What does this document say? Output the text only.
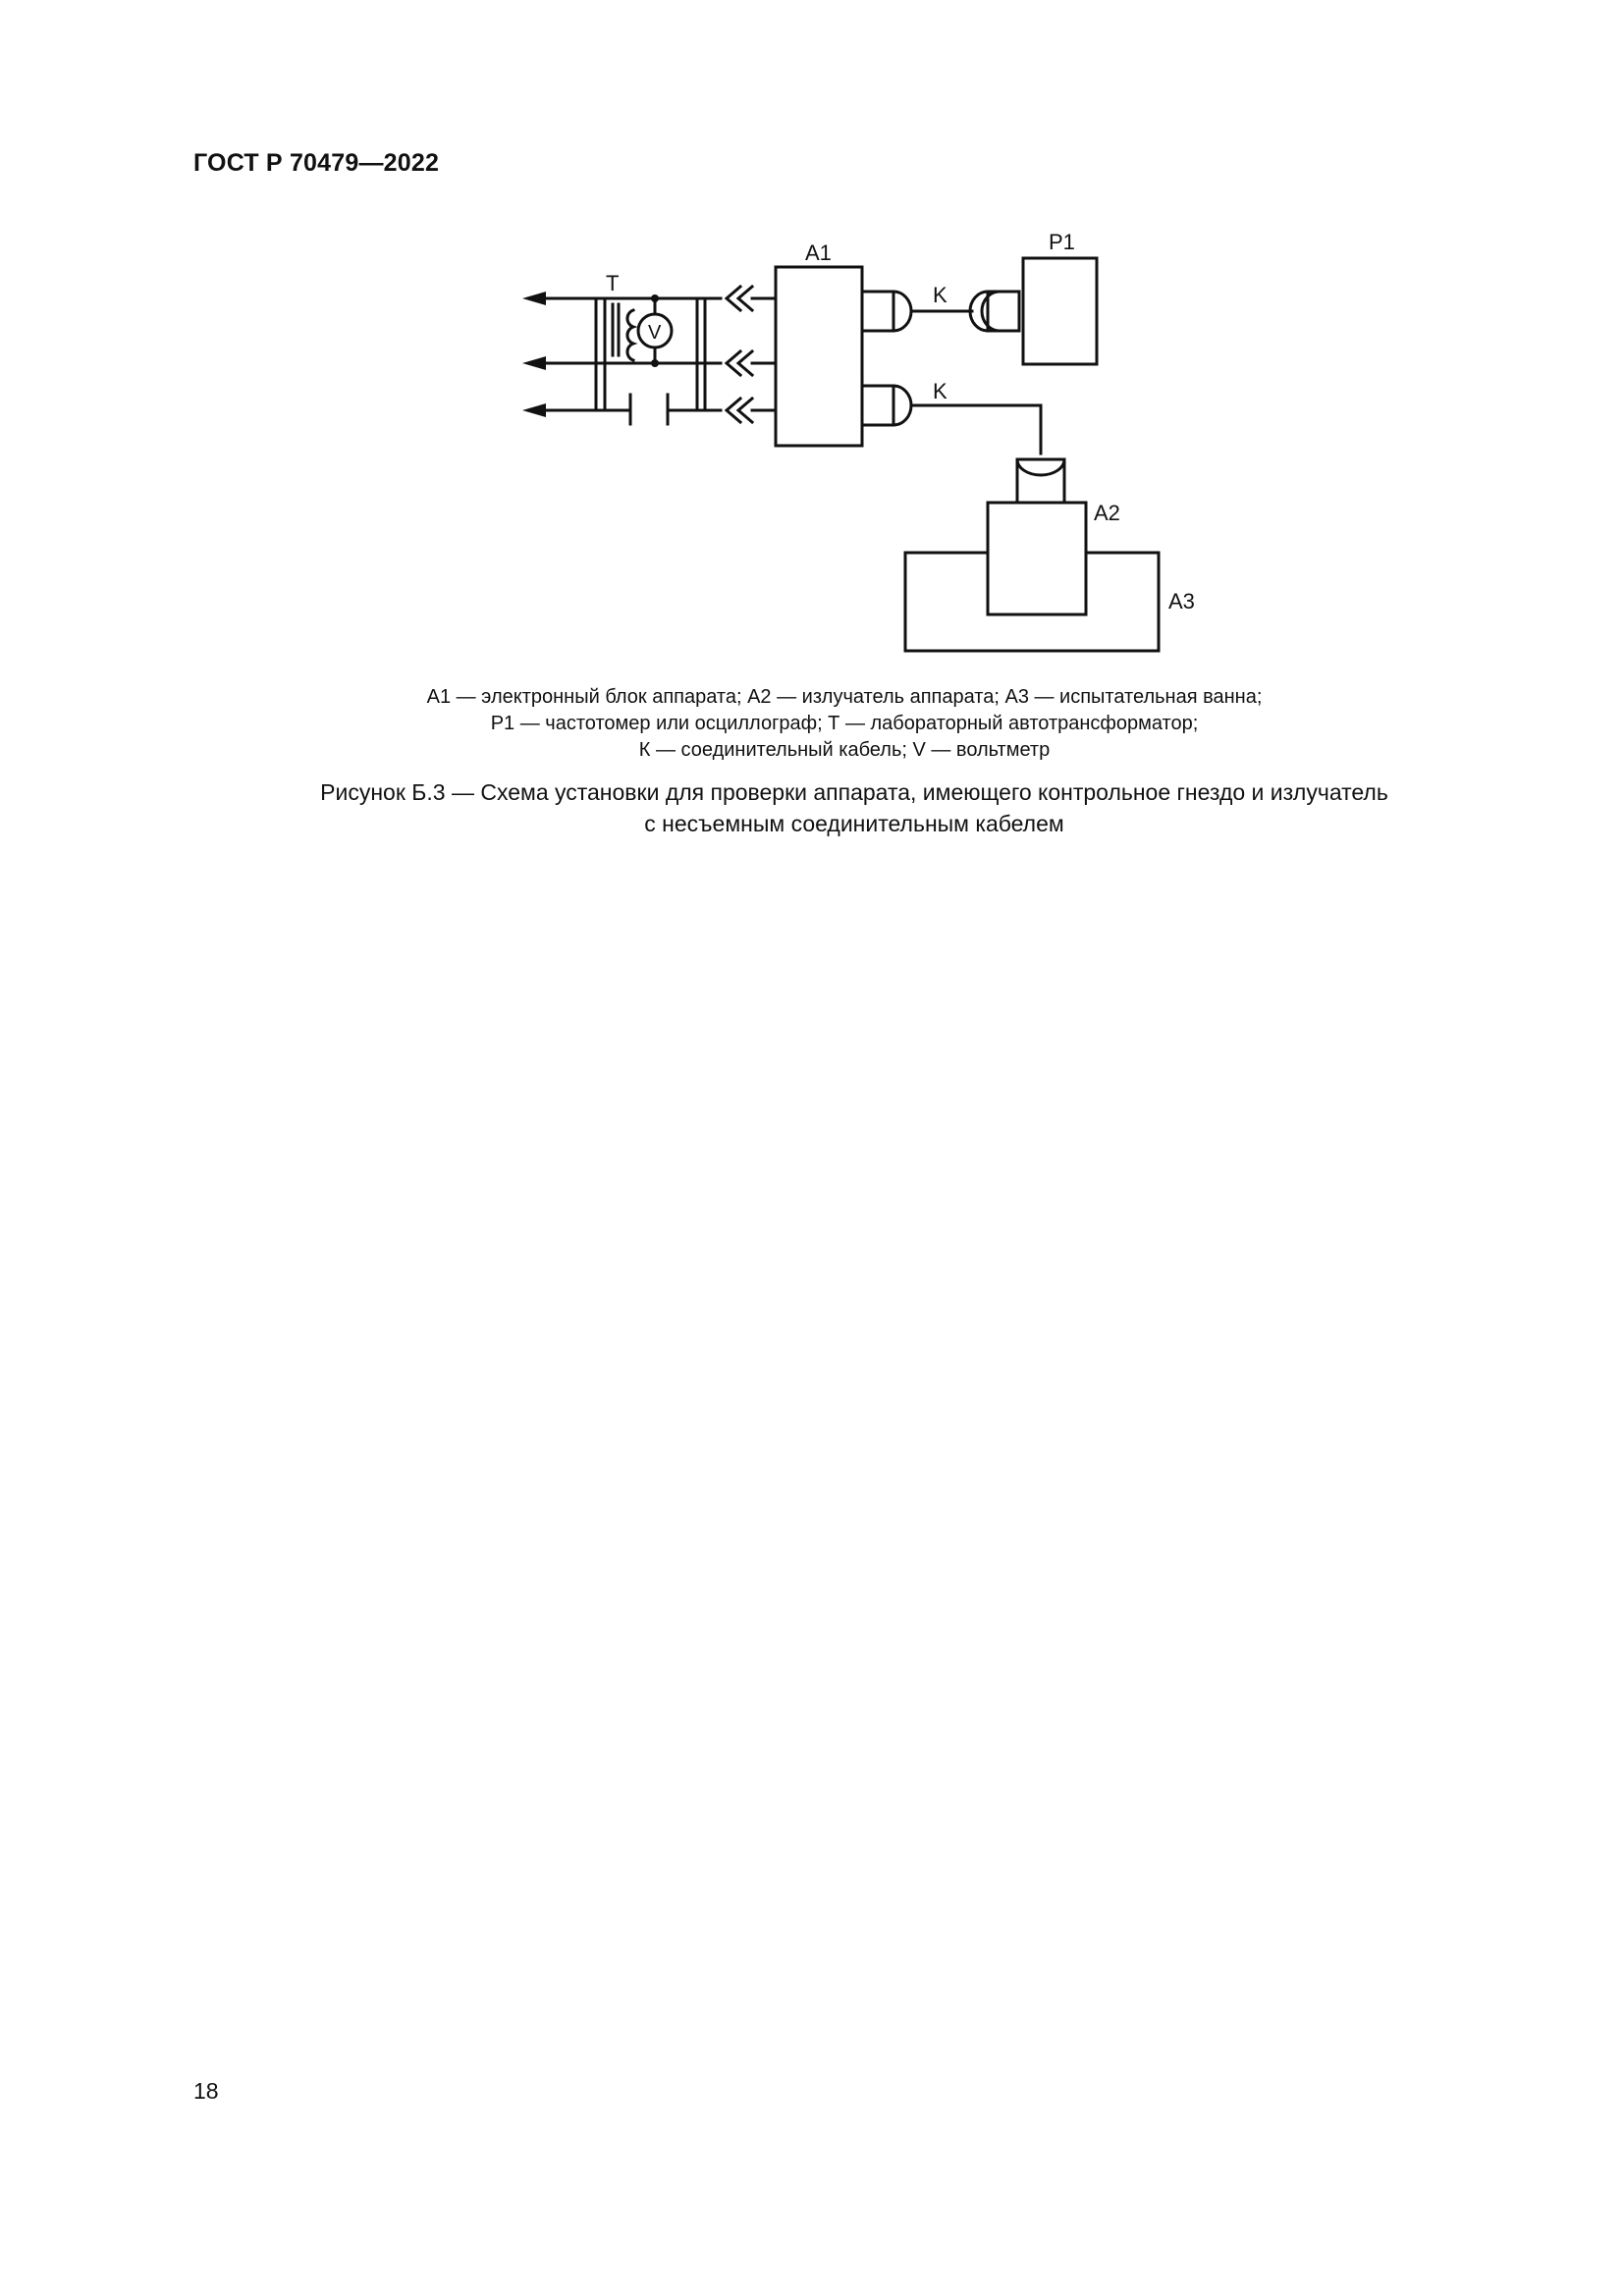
ГОСТ Р 70479—2022
T
V
A1	P1
K
K
A2
A3
А1 — электронный блок аппарата; А2 — излучатель аппарата; А3 — испытательная ванна;
Р1 — частотомер или осциллограф; Т — лабораторный автотрансформатор;
К — соединительный кабель; V — вольтметр
Рисунок Б.3 — Схема установки для проверки аппарата, имеющего контрольное гнездо и излучатель
с несъемным соединительным кабелем
18
